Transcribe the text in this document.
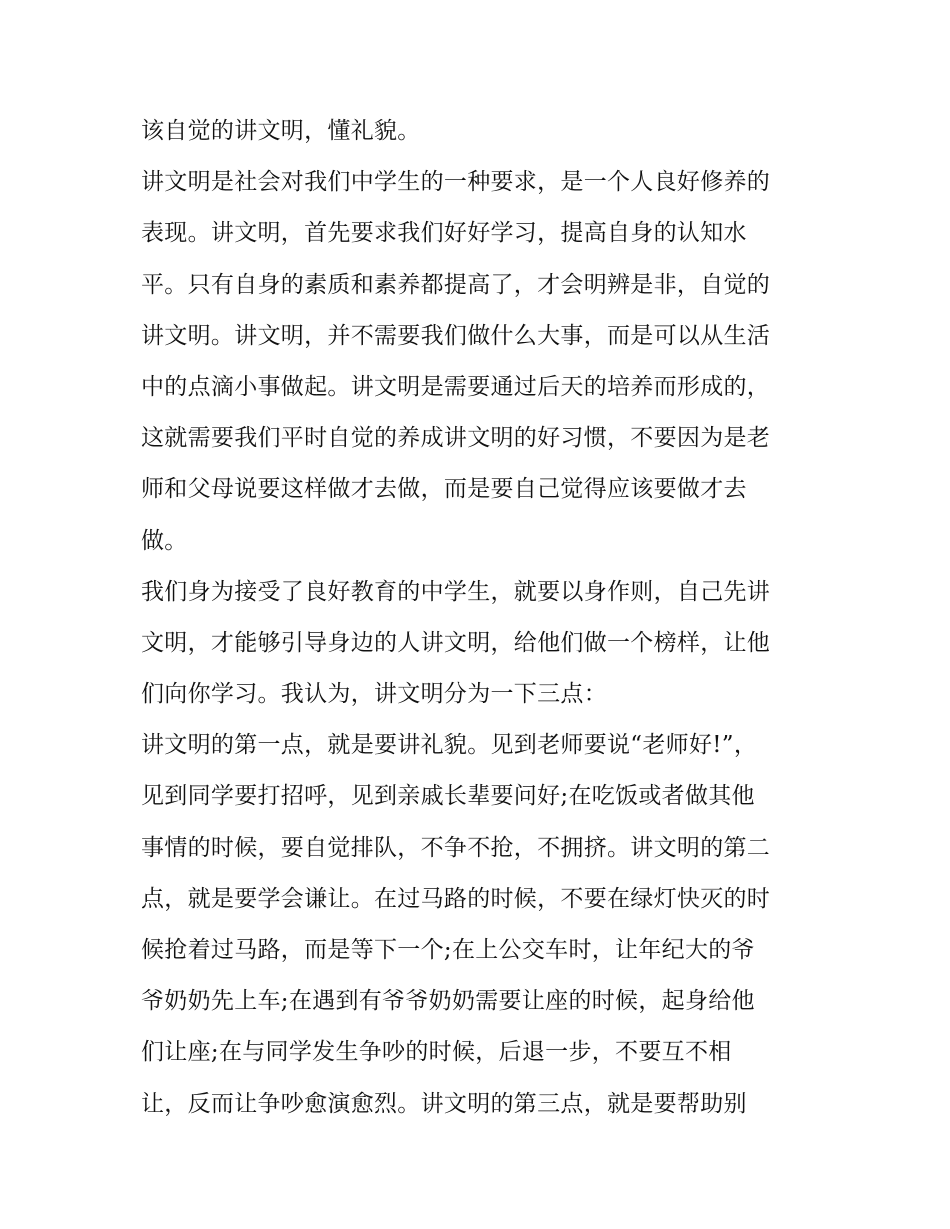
该自觉的讲文明，懂礼貌。
讲文明是社会对我们中学生的一种要求，是一个人良好修养的
表现。讲文明，首先要求我们好好学习，提高自身的认知水
平。只有自身的素质和素养都提高了，才会明辨是非，自觉的
讲文明。讲文明，并不需要我们做什么大事，而是可以从生活
中的点滴小事做起。讲文明是需要通过后天的培养而形成的，
这就需要我们平时自觉的养成讲文明的好习惯，不要因为是老
师和父母说要这样做才去做，而是要自己觉得应该要做才去
做。
我们身为接受了良好教育的中学生，就要以身作则，自己先讲
文明，才能够引导身边的人讲文明，给他们做一个榜样，让他
们向你学习。我认为，讲文明分为一下三点：
讲文明的第一点，就是要讲礼貌。见到老师要说“老师好!”，
见到同学要打招呼，见到亲戚长辈要问好;在吃饭或者做其他
事情的时候，要自觉排队，不争不抢，不拥挤。讲文明的第二
点，就是要学会谦让。在过马路的时候，不要在绿灯快灭的时
候抢着过马路，而是等下一个;在上公交车时，让年纪大的爷
爷奶奶先上车;在遇到有爷爷奶奶需要让座的时候，起身给他
们让座;在与同学发生争吵的时候，后退一步，不要互不相
让，反而让争吵愈演愈烈。讲文明的第三点，就是要帮助别
